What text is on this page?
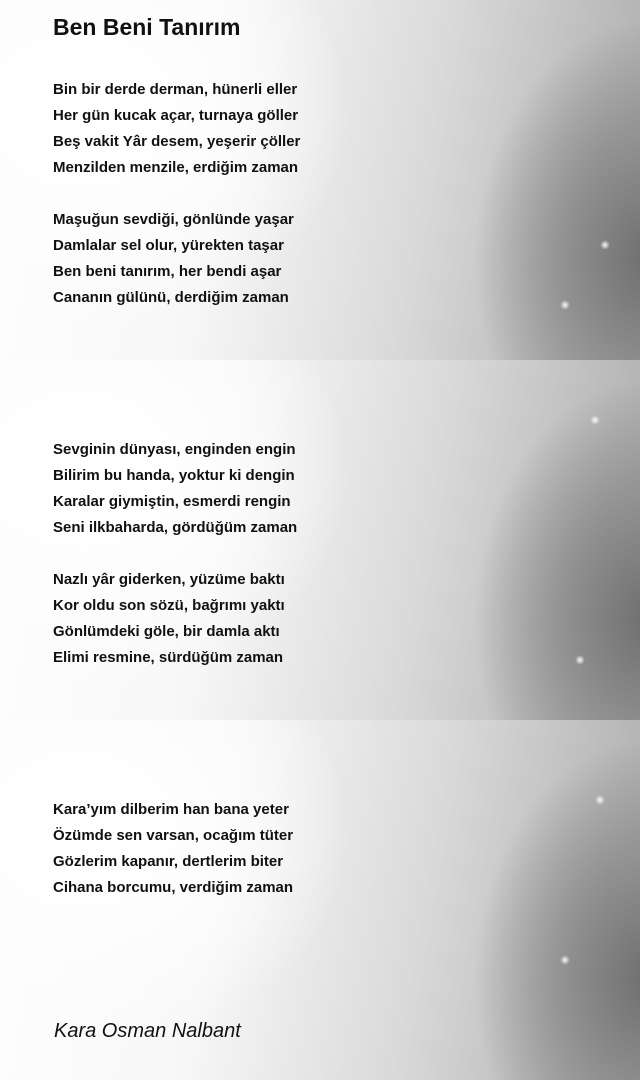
Ben Beni Tanırım
Bin bir derde derman, hünerli eller
Her gün kucak açar, turnaya göller
Beş vakit Yâr desem, yeşerir çöller
Menzilden menzile, erdiğim zaman
Maşuğun sevdiği, gönlünde yaşar
Damlalar sel olur, yürekten taşar
Ben beni tanırım, her bendi aşar
Cananın gülünü, derdiğim zaman
Sevginin dünyası, enginden engin
Bilirim bu handa, yoktur ki dengin
Karalar giymiştin, esmerdi rengin
Seni ilkbaharda, gördüğüm zaman
Nazlı yâr giderken, yüzüme baktı
Kor oldu son sözü, bağrımı yaktı
Gönlümdeki göle, bir damla aktı
Elimi resmine, sürdüğüm zaman
Kara’yım dilberim han bana yeter
Özümde sen varsan, ocağım tüter
Gözlerim kapanır, dertlerim biter
Cihana borcumu, verdiğim zaman
Kara Osman Nalbant
